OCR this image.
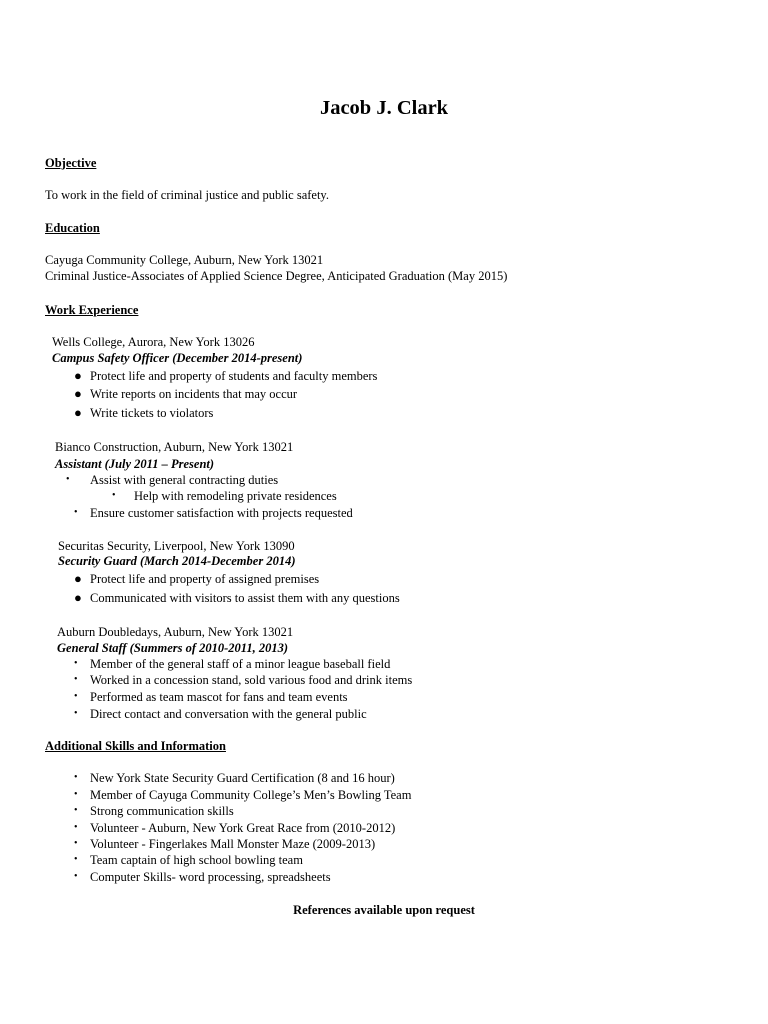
Jacob J. Clark
Objective
To work in the field of criminal justice and public safety.
Education
Cayuga Community College, Auburn, New York 13021
Criminal Justice-Associates of Applied Science Degree, Anticipated Graduation (May 2015)
Work Experience
Wells College, Aurora, New York 13026
Campus Safety Officer (December 2014-present)
● Protect life and property of students and faculty members
● Write reports on incidents that may occur
● Write tickets to violators
Bianco Construction, Auburn, New York 13021
Assistant (July 2011 – Present)
• Assist with general contracting duties
• Help with remodeling private residences
• Ensure customer satisfaction with projects requested
Securitas Security, Liverpool, New York 13090
Security Guard (March 2014-December 2014)
● Protect life and property of assigned premises
● Communicated with visitors to assist them with any questions
Auburn Doubledays, Auburn, New York 13021
General Staff (Summers of 2010-2011, 2013)
• Member of the general staff of a minor league baseball field
• Worked in a concession stand, sold various food and drink items
• Performed as team mascot for fans and team events
• Direct contact and conversation with the general public
Additional Skills and Information
• New York State Security Guard Certification (8 and 16 hour)
• Member of Cayuga Community College’s Men’s Bowling Team
• Strong communication skills
• Volunteer - Auburn, New York Great Race from (2010-2012)
• Volunteer - Fingerlakes Mall Monster Maze (2009-2013)
• Team captain of high school bowling team
• Computer Skills- word processing, spreadsheets
References available upon request
